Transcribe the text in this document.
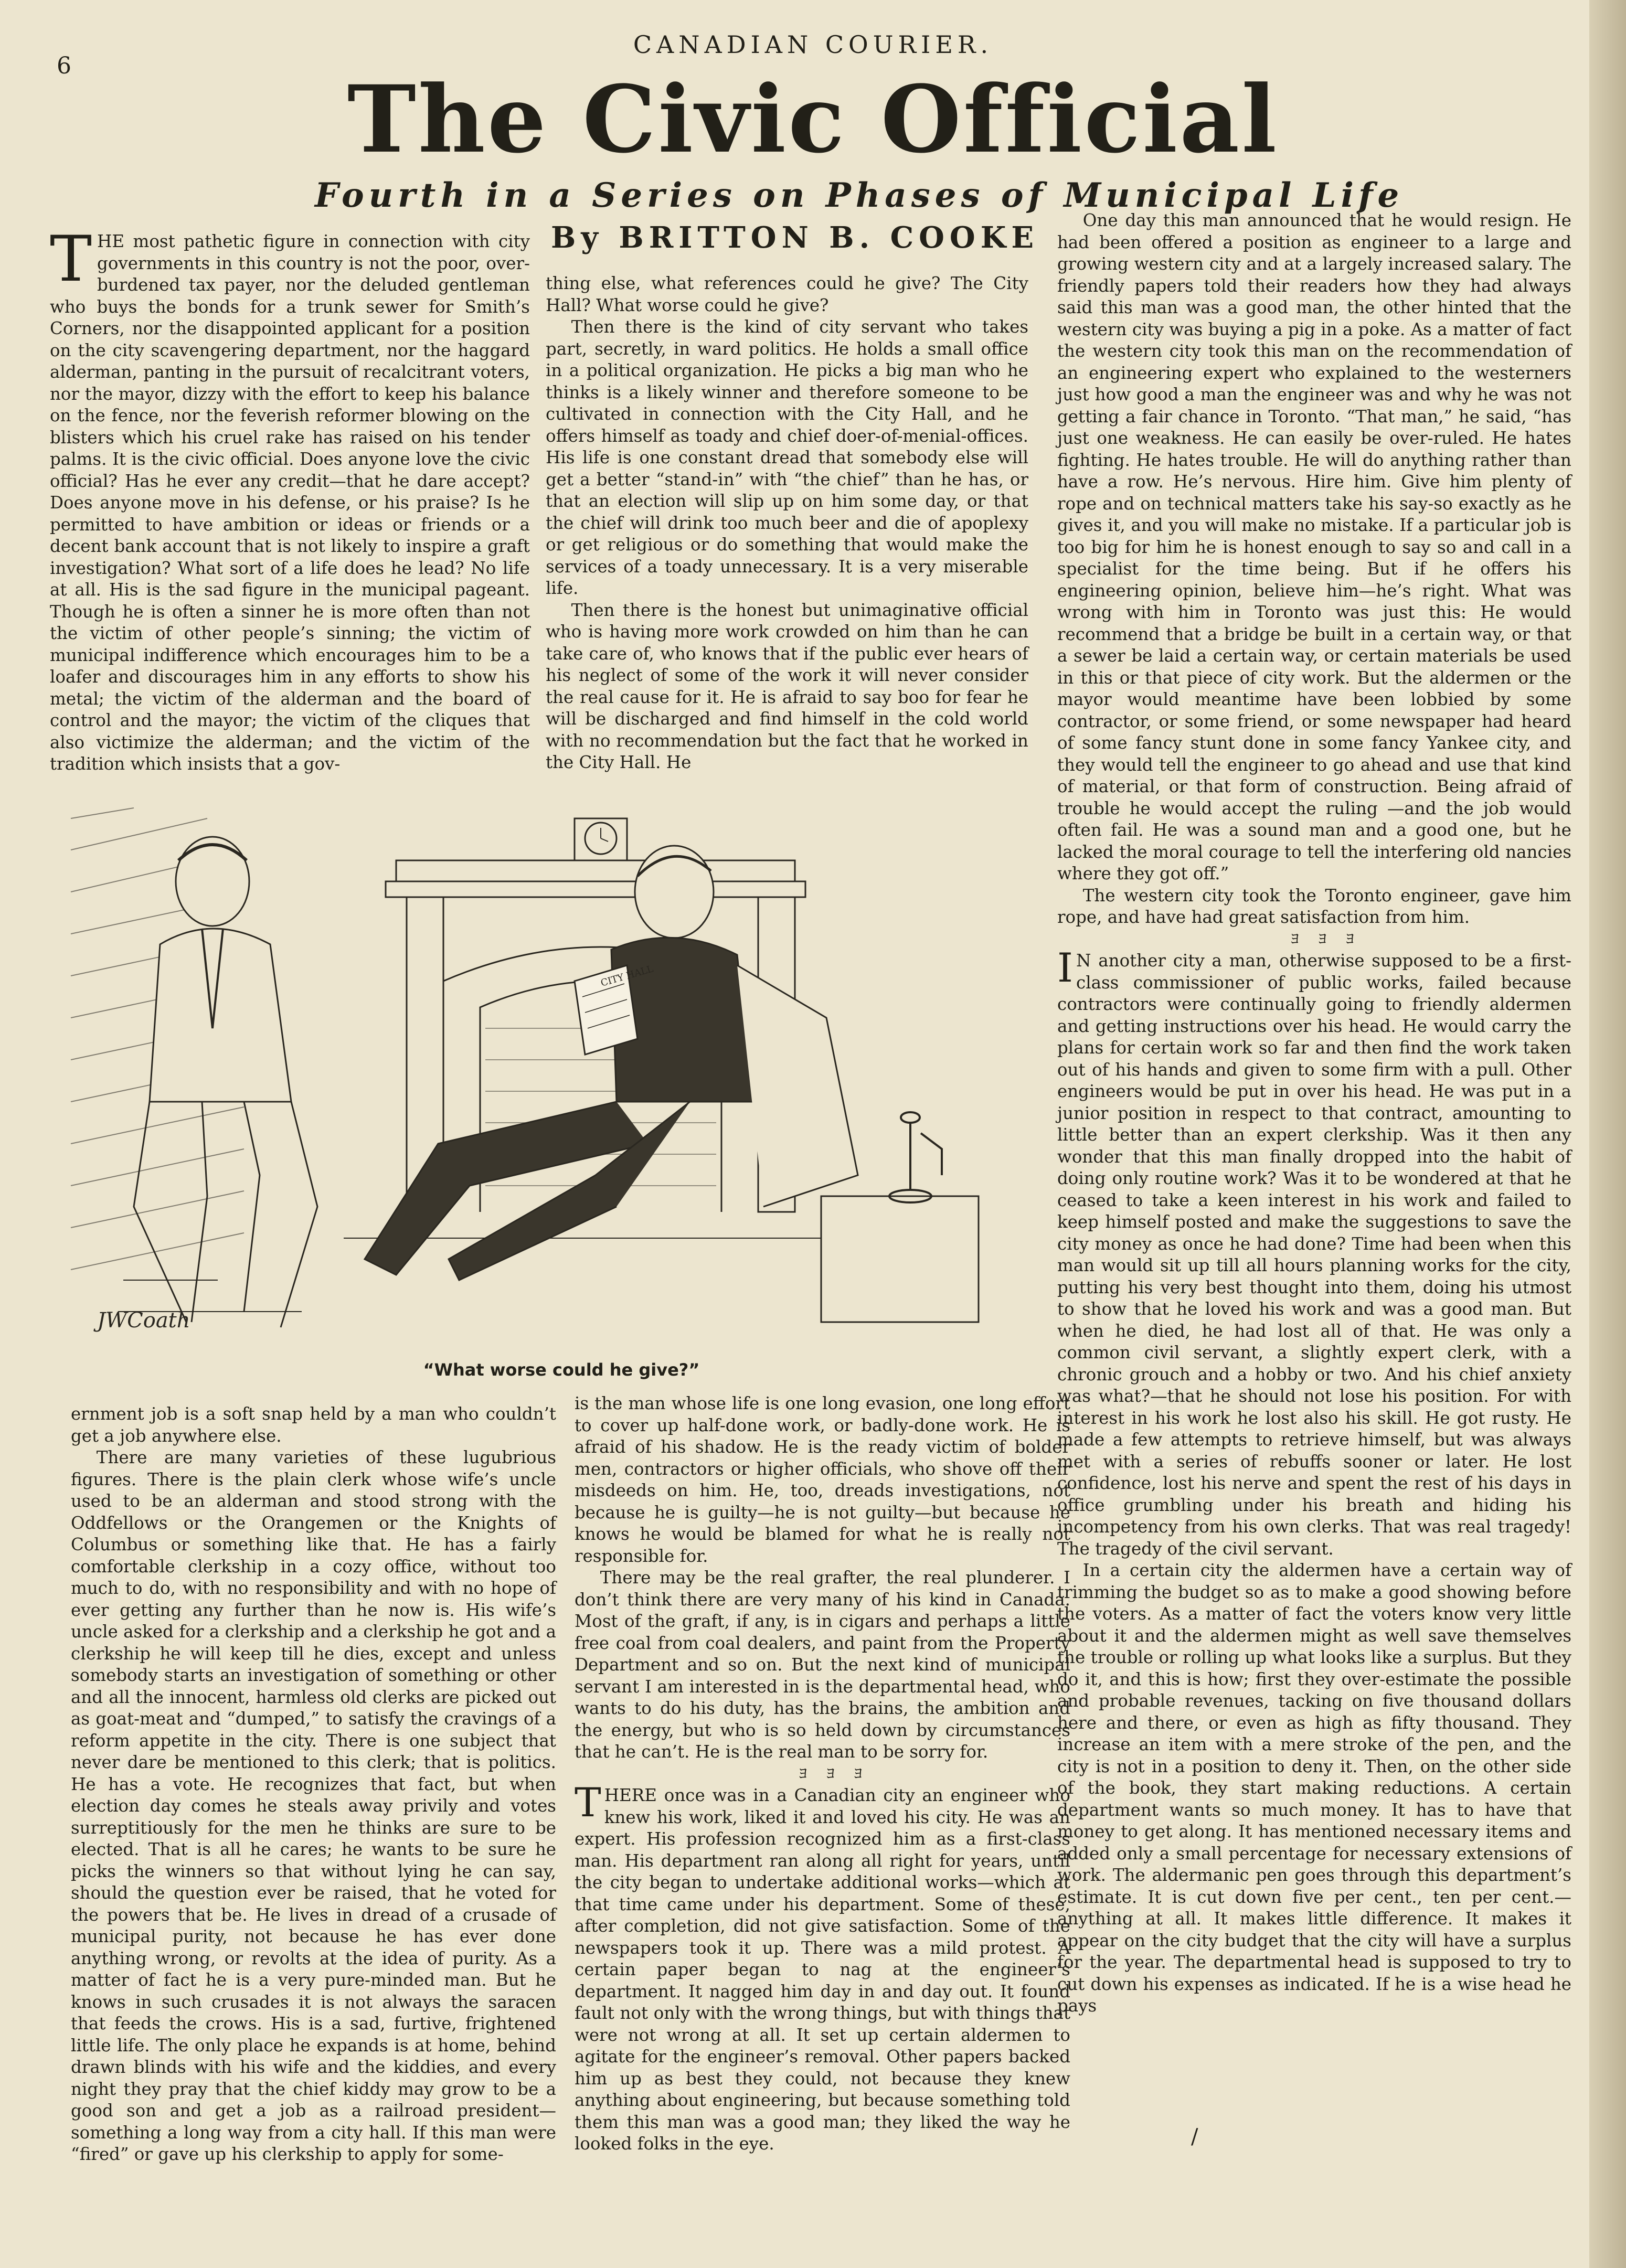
6
CANADIAN COURIER.
The Civic Official
Fourth in a Series on Phases of Municipal Life
By BRITTON B. COOKE

THE most pathetic figure in connection with city governments in this country is not the poor, over-burdened tax payer, nor the deluded gentleman who buys the bonds for a trunk sewer for Smith’s Corners, nor the disappointed applicant for a position on the city scavengering department, nor the haggard alderman, panting in the pursuit of recalcitrant voters, nor the mayor, dizzy with the effort to keep his balance on the fence, nor the feverish reformer blowing on the blisters which his cruel rake has raised on his tender palms. It is the civic official. Does anyone love the civic official? Has he ever any credit—that he dare accept? Does anyone move in his defense, or his praise? Is he permitted to have ambition or ideas or friends or a decent bank account that is not likely to inspire a graft investigation? What sort of a life does he lead? No life at all. His is the sad figure in the municipal pageant. Though he is often a sinner he is more often than not the victim of other people’s sinning; the victim of municipal indifference which encourages him to be a loafer and discourages him in any efforts to show his metal; the victim of the alderman and the board of control and the mayor; the victim of the cliques that also victimize the alderman; and the victim of the tradition which insists that a gov-

thing else, what references could he give? The City Hall? What worse could he give?

Then there is the kind of city servant who takes part, secretly, in ward politics. He holds a small office in a political organization. He picks a big man who he thinks is a likely winner and therefore someone to be cultivated in connection with the City Hall, and he offers himself as toady and chief doer-of-menial-offices. His life is one constant dread that somebody else will get a better “stand-in” with “the chief” than he has, or that an election will slip up on him some day, or that the chief will drink too much beer and die of apoplexy or get religious or do something that would make the services of a toady unnecessary. It is a very miserable life.

Then there is the honest but unimaginative official who is having more work crowded on him than he can take care of, who knows that if the public ever hears of his neglect of some of the work it will never consider the real cause for it. He is afraid to say boo for fear he will be discharged and find himself in the cold world with no recommendation but the fact that he worked in the City Hall. He

One day this man announced that he would resign. He had been offered a position as engineer to a large and growing western city and at a largely increased salary. The friendly papers told their readers how they had always said this man was a good man, the other hinted that the western city was buying a pig in a poke. As a matter of fact the western city took this man on the recommendation of an engineering expert who explained to the westerners just how good a man the engineer was and why he was not getting a fair chance in Toronto. “That man,” he said, “has just one weakness. He can easily be over-ruled. He hates fighting. He hates trouble. He will do anything rather than have a row. He’s nervous. Hire him. Give him plenty of rope and on technical matters take his say-so exactly as he gives it, and you will make no mistake. If a particular job is too big for him he is honest enough to say so and call in a specialist for the time being. But if he offers his engineering opinion, believe him—he’s right. What was wrong with him in Toronto was just this: He would recommend that a bridge be built in a certain way, or that a sewer be laid a certain way, or certain materials be used in this or that piece of city work. But the aldermen or the mayor would meantime have been lobbied by some contractor, or some friend, or some newspaper had heard of some fancy stunt done in some fancy Yankee city, and they would tell the engineer to go ahead and use that kind of material, or that form of construction. Being afraid of trouble he would accept the ruling —and the job would often fail. He was a sound man and a good one, but he lacked the moral courage to tell the interfering old nancies where they got off.”

The western city took the Toronto engineer, gave him rope, and have had great satisfaction from him.

ﾖ ﾖ ﾖ

I N another city a man, otherwise supposed to be a first-class commissioner of public works, failed because contractors were continually going to friendly aldermen and getting instructions over his head. He would carry the plans for certain work so far and then find the work taken out of his hands and given to some firm with a pull. Other engineers would be put in over his head. He was put in a junior position in respect to that contract, amounting to little better than an expert clerkship. Was it then any wonder that this man finally dropped into the habit of doing only routine work? Was it to be wondered at that he ceased to take a keen interest in his work and failed to keep himself posted and make the suggestions to save the city money as once he had done? Time had been when this man would sit up till all hours planning works for the city, putting his very best thought into them, doing his utmost to show that he loved his work and was a good man. But when he died, he had lost all of that. He was only a common civil servant, a slightly expert clerk, with a chronic grouch and a hobby or two. And his chief anxiety was what?—that he should not lose his position. For with interest in his work he lost also his skill. He got rusty. He made a few attempts to retrieve himself, but was always met with a series of rebuffs sooner or later. He lost confidence, lost his nerve and spent the rest of his days in office grumbling under his breath and hiding his incompetency from his own clerks. That was real tragedy! The tragedy of the civil servant.

In a certain city the aldermen have a certain way of trimming the budget so as to make a good showing before the voters. As a matter of fact the voters know very little about it and the aldermen might as well save themselves the trouble or rolling up what looks like a surplus. But they do it, and this is how; first they over-estimate the possible and probable revenues, tacking on five thousand dollars here and there, or even as high as fifty thousand. They increase an item with a mere stroke of the pen, and the city is not in a position to deny it. Then, on the other side of the book, they start making reductions. A certain department wants so much money. It has to have that money to get along. It has mentioned necessary items and added only a small percentage for necessary extensions of work. The aldermanic pen goes through this department’s estimate. It is cut down five per cent., ten per cent.—anything at all. It makes little difference. It makes it appear on the city budget that the city will have a surplus for the year. The departmental head is supposed to try to cut down his expenses as indicated. If he is a wise head he pays

ernment job is a soft snap held by a man who couldn’t get a job anywhere else.

There are many varieties of these lugubrious figures. There is the plain clerk whose wife’s uncle used to be an alderman and stood strong with the Oddfellows or the Orangemen or the Knights of Columbus or something like that. He has a fairly comfortable clerkship in a cozy office, without too much to do, with no responsibility and with no hope of ever getting any further than he now is. His wife’s uncle asked for a clerkship and a clerkship he got and a clerkship he will keep till he dies, except and unless somebody starts an investigation of something or other and all the innocent, harmless old clerks are picked out as goat-meat and “dumped,” to satisfy the cravings of a reform appetite in the city. There is one subject that never dare be mentioned to this clerk; that is politics. He has a vote. He recognizes that fact, but when election day comes he steals away privily and votes surreptitiously for the men he thinks are sure to be elected. That is all he cares; he wants to be sure he picks the winners so that without lying he can say, should the question ever be raised, that he voted for the powers that be. He lives in dread of a crusade of municipal purity, not because he has ever done anything wrong, or revolts at the idea of purity. As a matter of fact he is a very pure-minded man. But he knows in such crusades it is not always the saracen that feeds the crows. His is a sad, furtive, frightened little life. The only place he expands is at home, behind drawn blinds with his wife and the kiddies, and every night they pray that the chief kiddy may grow to be a good son and get a job as a railroad president—something a long way from a city hall. If this man were “fired” or gave up his clerkship to apply for some-

is the man whose life is one long evasion, one long effort to cover up half-done work, or badly-done work. He is afraid of his shadow. He is the ready victim of bolder men, contractors or higher officials, who shove off their misdeeds on him. He, too, dreads investigations, not because he is guilty—he is not guilty—but because he knows he would be blamed for what he is really not responsible for.

There may be the real grafter, the real plunderer. I don’t think there are very many of his kind in Canada. Most of the graft, if any, is in cigars and perhaps a little free coal from coal dealers, and paint from the Property Department and so on. But the next kind of municipal servant I am interested in is the departmental head, who wants to do his duty, has the brains, the ambition and the energy, but who is so held down by circumstances that he can’t. He is the real man to be sorry for.

ﾖ ﾖ ﾖ

THERE once was in a Canadian city an engineer who knew his work, liked it and loved his city. He was an expert. His profession recognized him as a first-class man. His department ran along all right for years, until the city began to undertake additional works—which at that time came under his department. Some of these, after completion, did not give satisfaction. Some of the newspapers took it up. There was a mild protest. A certain paper began to nag at the engineer’s department. It nagged him day in and day out. It found fault not only with the wrong things, but with things that were not wrong at all. It set up certain aldermen to agitate for the engineer’s removal. Other papers backed him up as best they could, not because they knew anything about engineering, but because something told them this man was a good man; they liked the way he looked folks in the eye.

CITY HALL
JWCoath
“What worse could he give?”
/
